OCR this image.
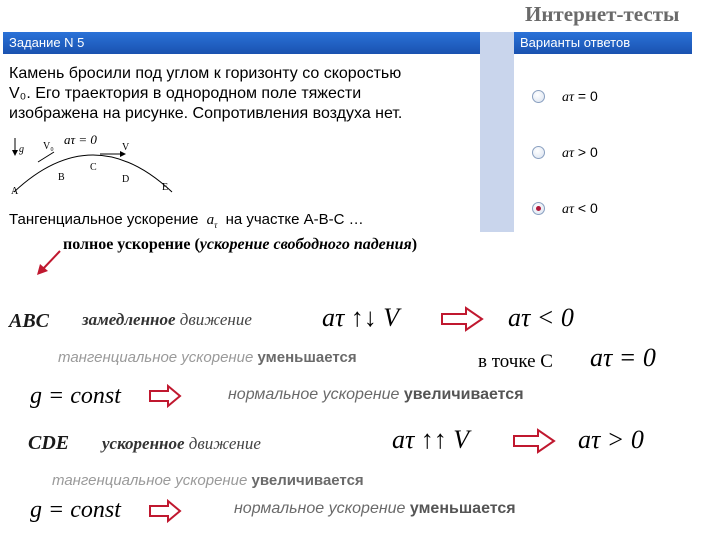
Интернет-тесты
Задание N 5	Варианты ответов
Камень бросили под углом к горизонту со скоростью
V₀. Его траектория в однородном поле тяжести
изображена на рисунке. Сопротивления воздуха нет.
g V₀	V
aτ = 0
A
B
C
D
E
Тангенциальное ускорение $a_\tau$ на участке А-В-С …
aτ = 0
aτ > 0
aτ < 0
полное ускорение (ускорение свободного падения)
ABC замедленное движение	aτ ↑↓ V	aτ < 0
тангенциальное ускорение уменьшается	в точке С aτ = 0
g = const	нормальное ускорение увеличивается
CDE ускоренное движение	aτ ↑↑ V	aτ > 0
тангенциальное ускорение увеличивается
g = const	нормальное ускорение уменьшается
